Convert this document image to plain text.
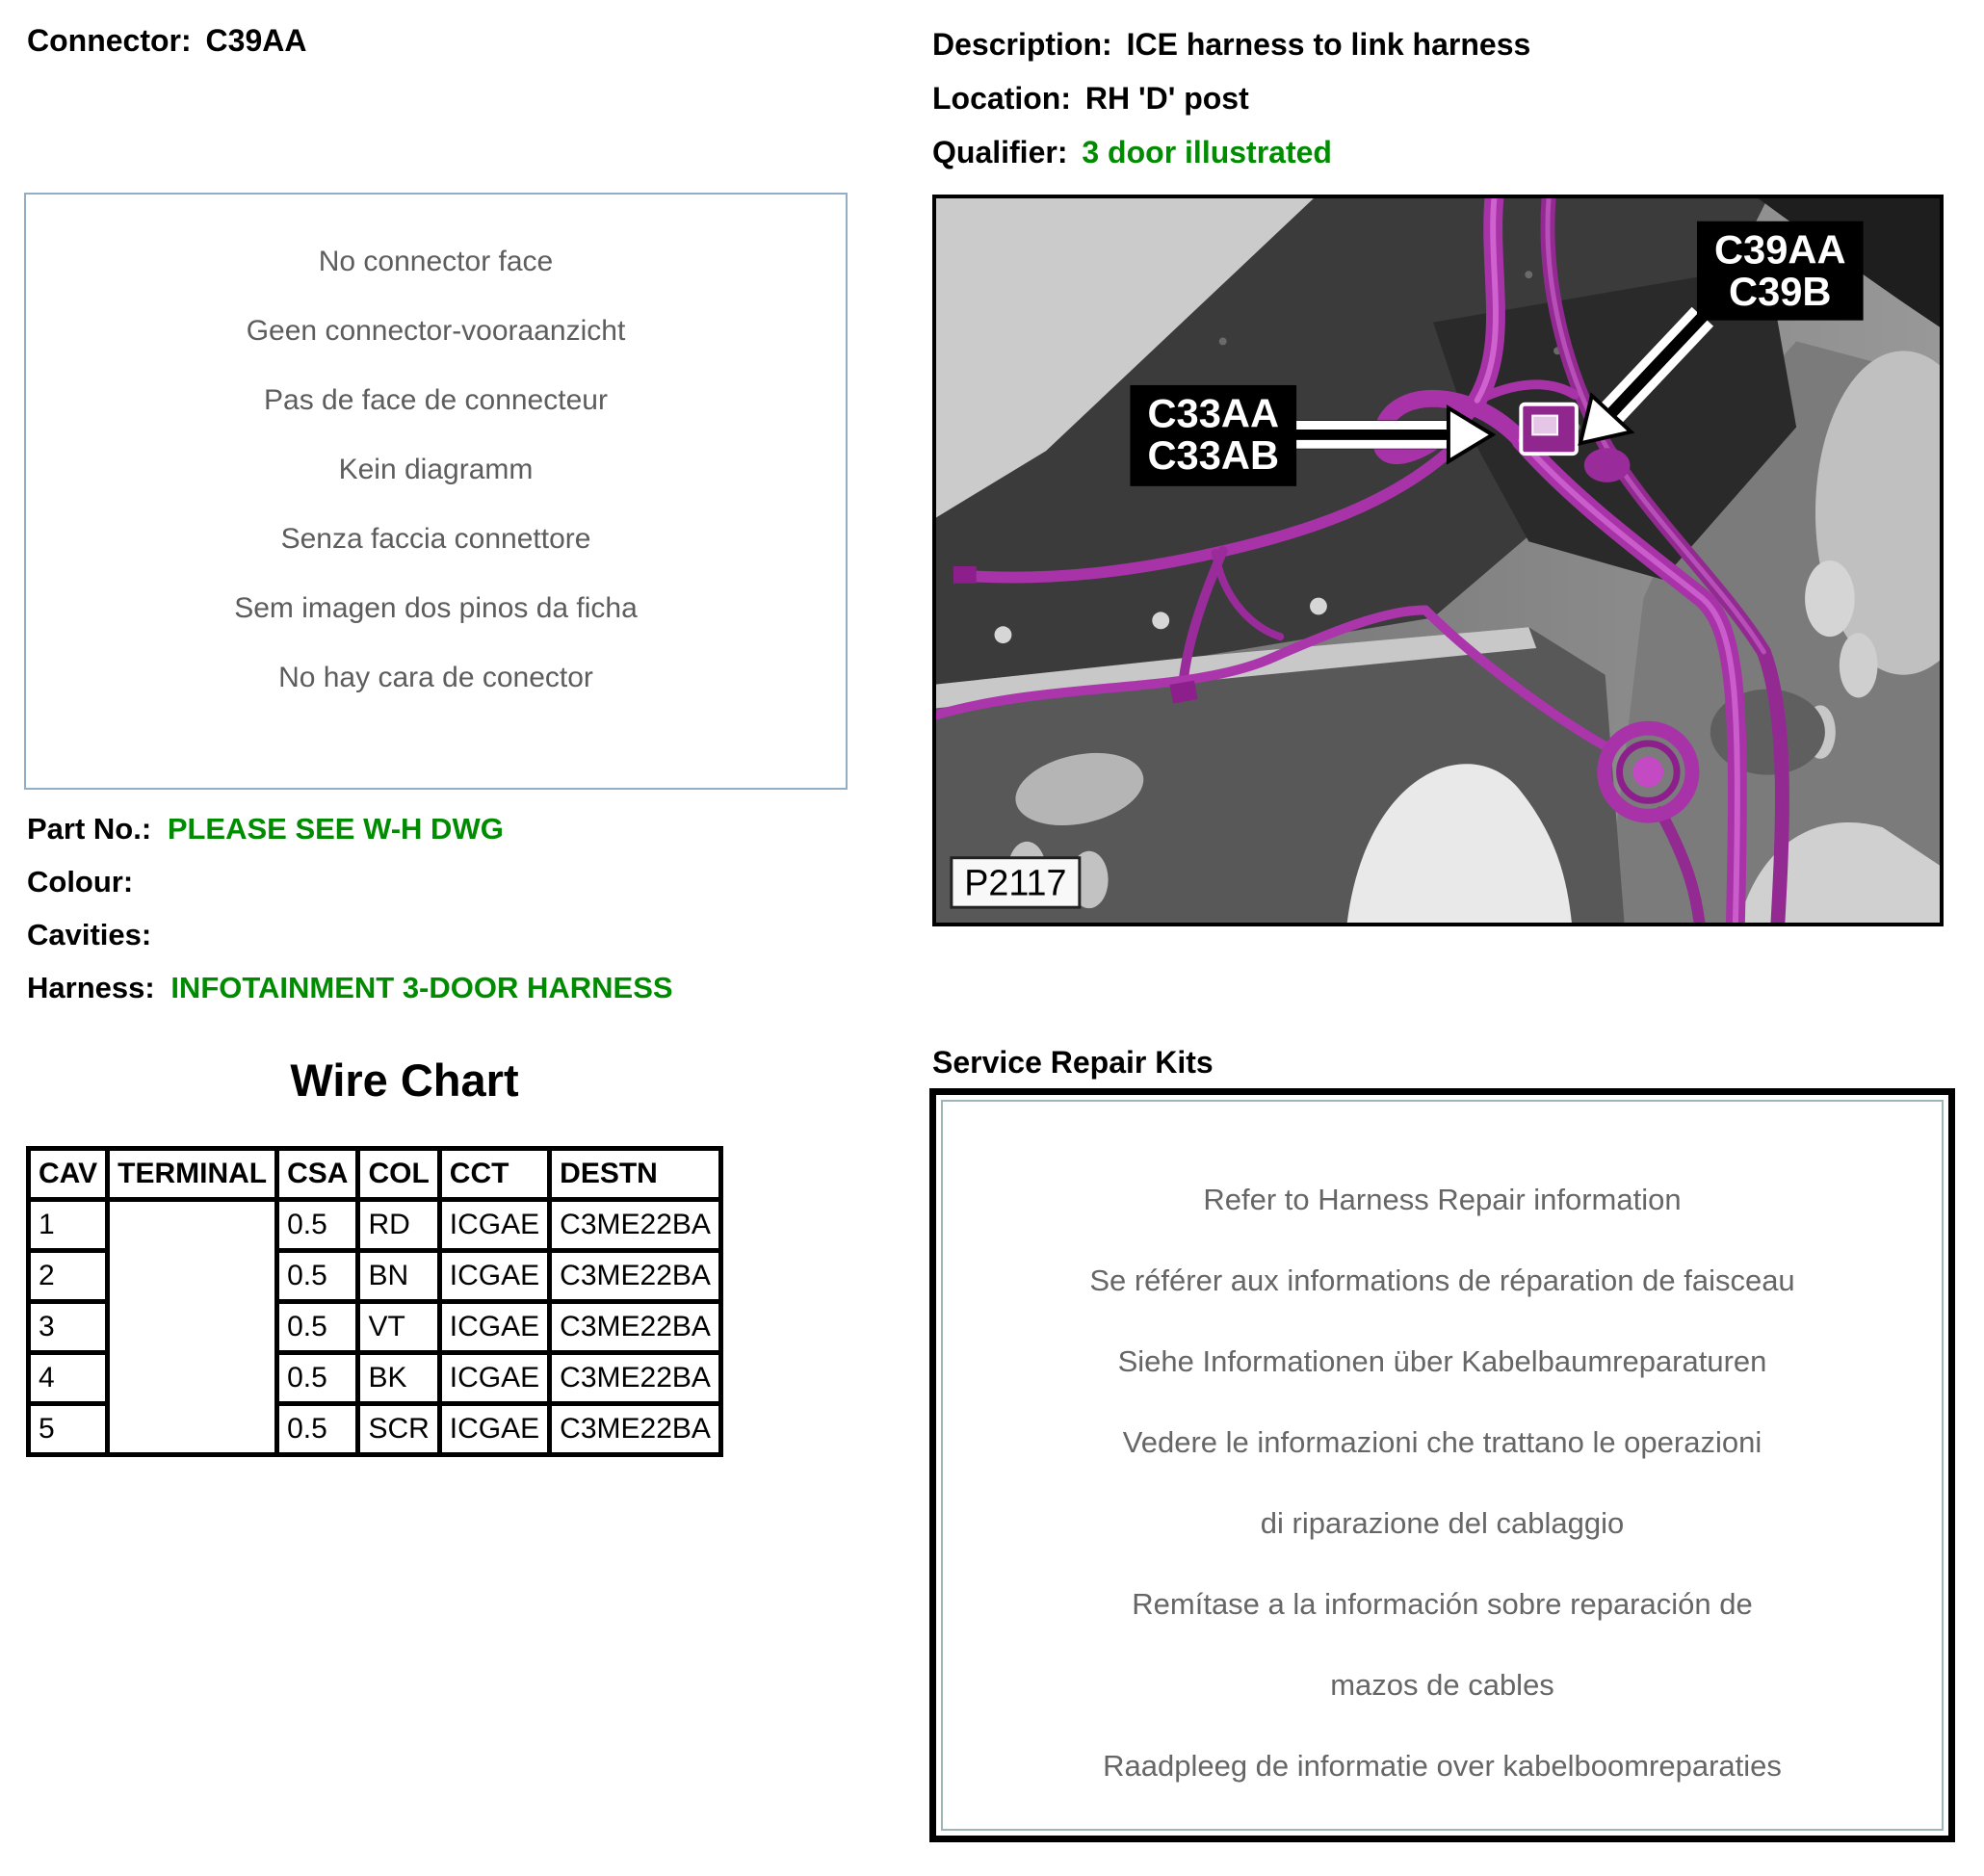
Connector: C39AA	Description: ICE harness to link harness
Location: RH 'D' post
Qualifier: 3 door illustrated
No connector face
Geen connector-vooraanzicht
Pas de face de connecteur
Kein diagramm
Senza faccia connettore
Sem imagen dos pinos da ficha
No hay cara de conector
Part No.: PLEASE SEE W-H DWG
Colour:
Cavities:
Harness: INFOTAINMENT 3-DOOR HARNESS
Wire Chart
CAV	TERMINAL	CSA	COL	CCT	DESTN
1		0.5	RD	ICGAE	C3ME22BA
2		0.5	BN	ICGAE	C3ME22BA
3		0.5	VT	ICGAE	C3ME22BA
4		0.5	BK	ICGAE	C3ME22BA
5		0.5	SCR	ICGAE	C3ME22BA
C39AA
C39B
C33AA
C33AB
P2117
Service Repair Kits
Refer to Harness Repair information
Se référer aux informations de réparation de faisceau
Siehe Informationen über Kabelbaumreparaturen
Vedere le informazioni che trattano le operazioni
di riparazione del cablaggio
Remítase a la información sobre reparación de
mazos de cables
Raadpleeg de informatie over kabelboomreparaties
